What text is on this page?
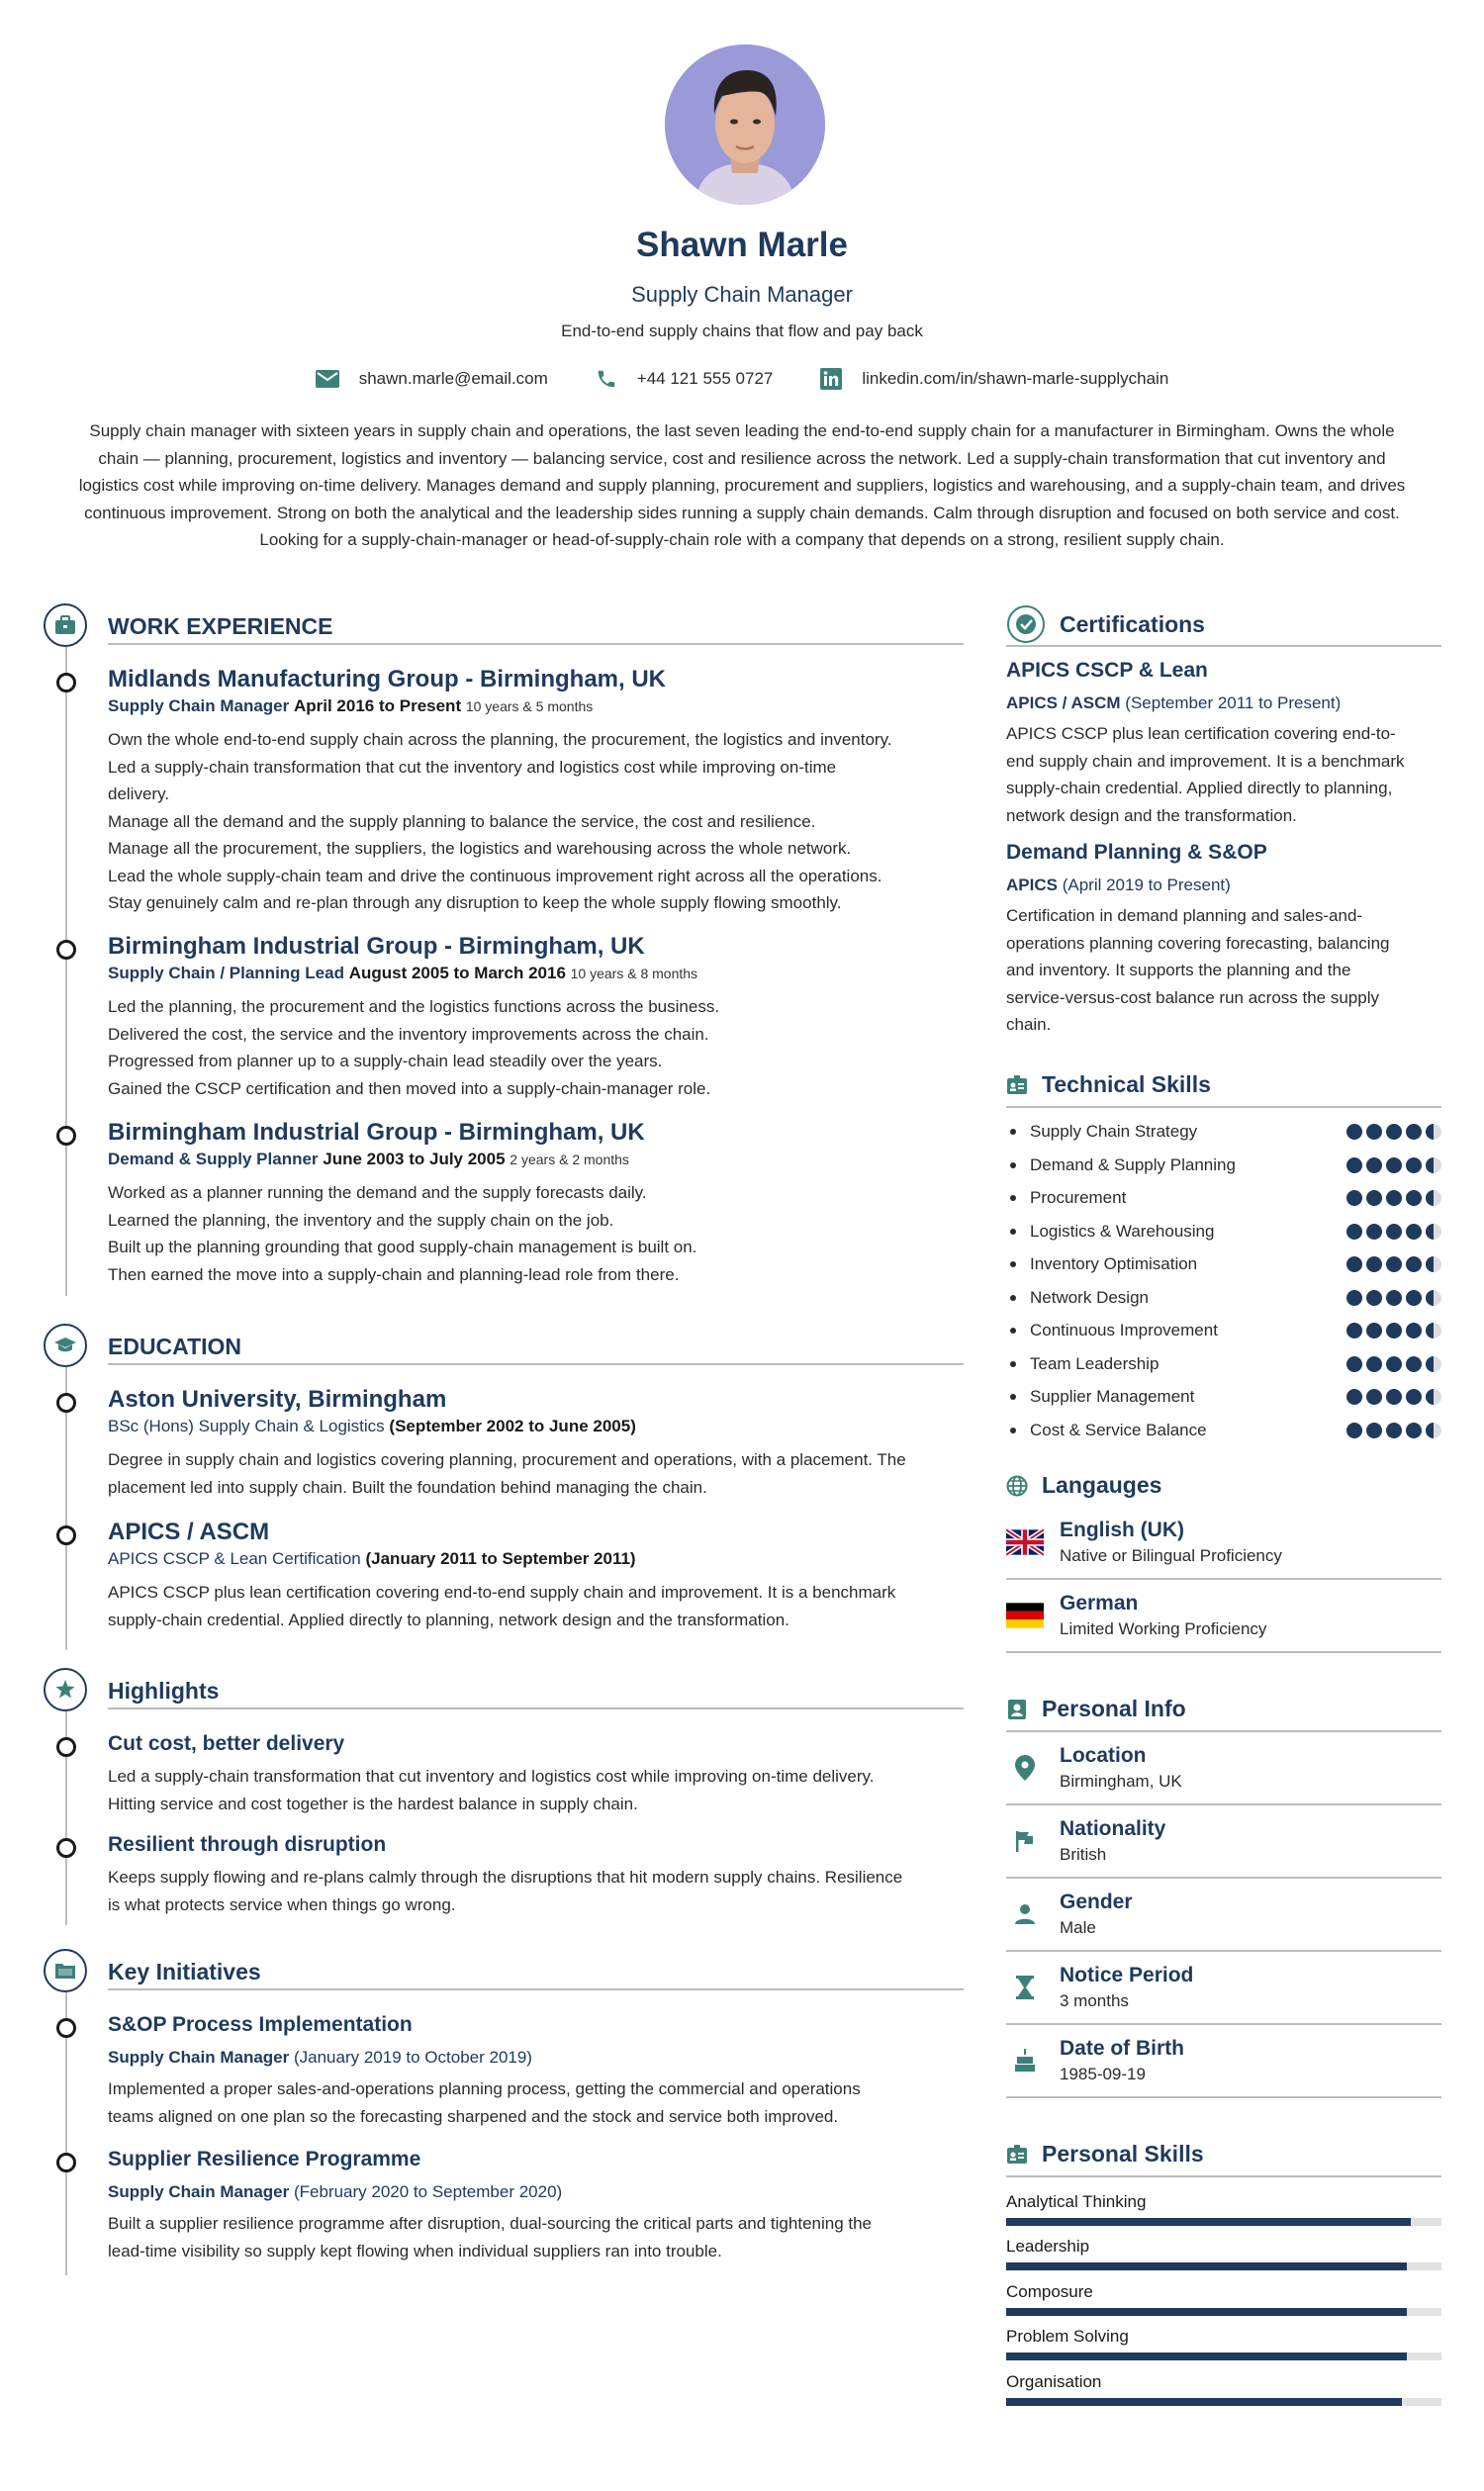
Shawn Marle
Supply Chain Manager
End-to-end supply chains that flow and pay back
shawn.marle@email.com	+44 121 555 0727	linkedin.com/in/shawn-marle-supplychain
Supply chain manager with sixteen years in supply chain and operations, the last seven leading the end-to-end supply chain for a manufacturer in Birmingham. Owns the whole chain — planning, procurement, logistics and inventory — balancing service, cost and resilience across the network. Led a supply-chain transformation that cut inventory and logistics cost while improving on-time delivery. Manages demand and supply planning, procurement and suppliers, logistics and warehousing, and a supply-chain team, and drives continuous improvement. Strong on both the analytical and the leadership sides running a supply chain demands. Calm through disruption and focused on both service and cost. Looking for a supply-chain-manager or head-of-supply-chain role with a company that depends on a strong, resilient supply chain.
WORK EXPERIENCE
Midlands Manufacturing Group - Birmingham, UK
Supply Chain Manager April 2016 to Present 10 years & 5 months
Own the whole end-to-end supply chain across the planning, the procurement, the logistics and inventory.
Led a supply-chain transformation that cut the inventory and logistics cost while improving on-time
delivery.
Manage all the demand and the supply planning to balance the service, the cost and resilience.
Manage all the procurement, the suppliers, the logistics and warehousing across the whole network.
Lead the whole supply-chain team and drive the continuous improvement right across all the operations.
Stay genuinely calm and re-plan through any disruption to keep the whole supply flowing smoothly.
Birmingham Industrial Group - Birmingham, UK
Supply Chain / Planning Lead August 2005 to March 2016 10 years & 8 months
Led the planning, the procurement and the logistics functions across the business.
Delivered the cost, the service and the inventory improvements across the chain.
Progressed from planner up to a supply-chain lead steadily over the years.
Gained the CSCP certification and then moved into a supply-chain-manager role.
Birmingham Industrial Group - Birmingham, UK
Demand & Supply Planner June 2003 to July 2005 2 years & 2 months
Worked as a planner running the demand and the supply forecasts daily.
Learned the planning, the inventory and the supply chain on the job.
Built up the planning grounding that good supply-chain management is built on.
Then earned the move into a supply-chain and planning-lead role from there.
EDUCATION
Aston University, Birmingham
BSc (Hons) Supply Chain & Logistics (September 2002 to June 2005)
Degree in supply chain and logistics covering planning, procurement and operations, with a placement. The
placement led into supply chain. Built the foundation behind managing the chain.
APICS / ASCM
APICS CSCP & Lean Certification (January 2011 to September 2011)
APICS CSCP plus lean certification covering end-to-end supply chain and improvement. It is a benchmark
supply-chain credential. Applied directly to planning, network design and the transformation.
Highlights
Cut cost, better delivery
Led a supply-chain transformation that cut inventory and logistics cost while improving on-time delivery.
Hitting service and cost together is the hardest balance in supply chain.
Resilient through disruption
Keeps supply flowing and re-plans calmly through the disruptions that hit modern supply chains. Resilience
is what protects service when things go wrong.
Key Initiatives
S&OP Process Implementation
Supply Chain Manager (January 2019 to October 2019)
Implemented a proper sales-and-operations planning process, getting the commercial and operations
teams aligned on one plan so the forecasting sharpened and the stock and service both improved.
Supplier Resilience Programme
Supply Chain Manager (February 2020 to September 2020)
Built a supplier resilience programme after disruption, dual-sourcing the critical parts and tightening the
lead-time visibility so supply kept flowing when individual suppliers ran into trouble.
Certifications
APICS CSCP & Lean
APICS / ASCM (September 2011 to Present)
APICS CSCP plus lean certification covering end-to-
end supply chain and improvement. It is a benchmark
supply-chain credential. Applied directly to planning,
network design and the transformation.
Demand Planning & S&OP
APICS (April 2019 to Present)
Certification in demand planning and sales-and-
operations planning covering forecasting, balancing
and inventory. It supports the planning and the
service-versus-cost balance run across the supply
chain.
Technical Skills
Supply Chain Strategy
Demand & Supply Planning
Procurement
Logistics & Warehousing
Inventory Optimisation
Network Design
Continuous Improvement
Team Leadership
Supplier Management
Cost & Service Balance
Langauges
English (UK)
Native or Bilingual Proficiency
German
Limited Working Proficiency
Personal Info
Location
Birmingham, UK
Nationality
British
Gender
Male
Notice Period
3 months
Date of Birth
1985-09-19
Personal Skills
Analytical Thinking
Leadership
Composure
Problem Solving
Organisation
